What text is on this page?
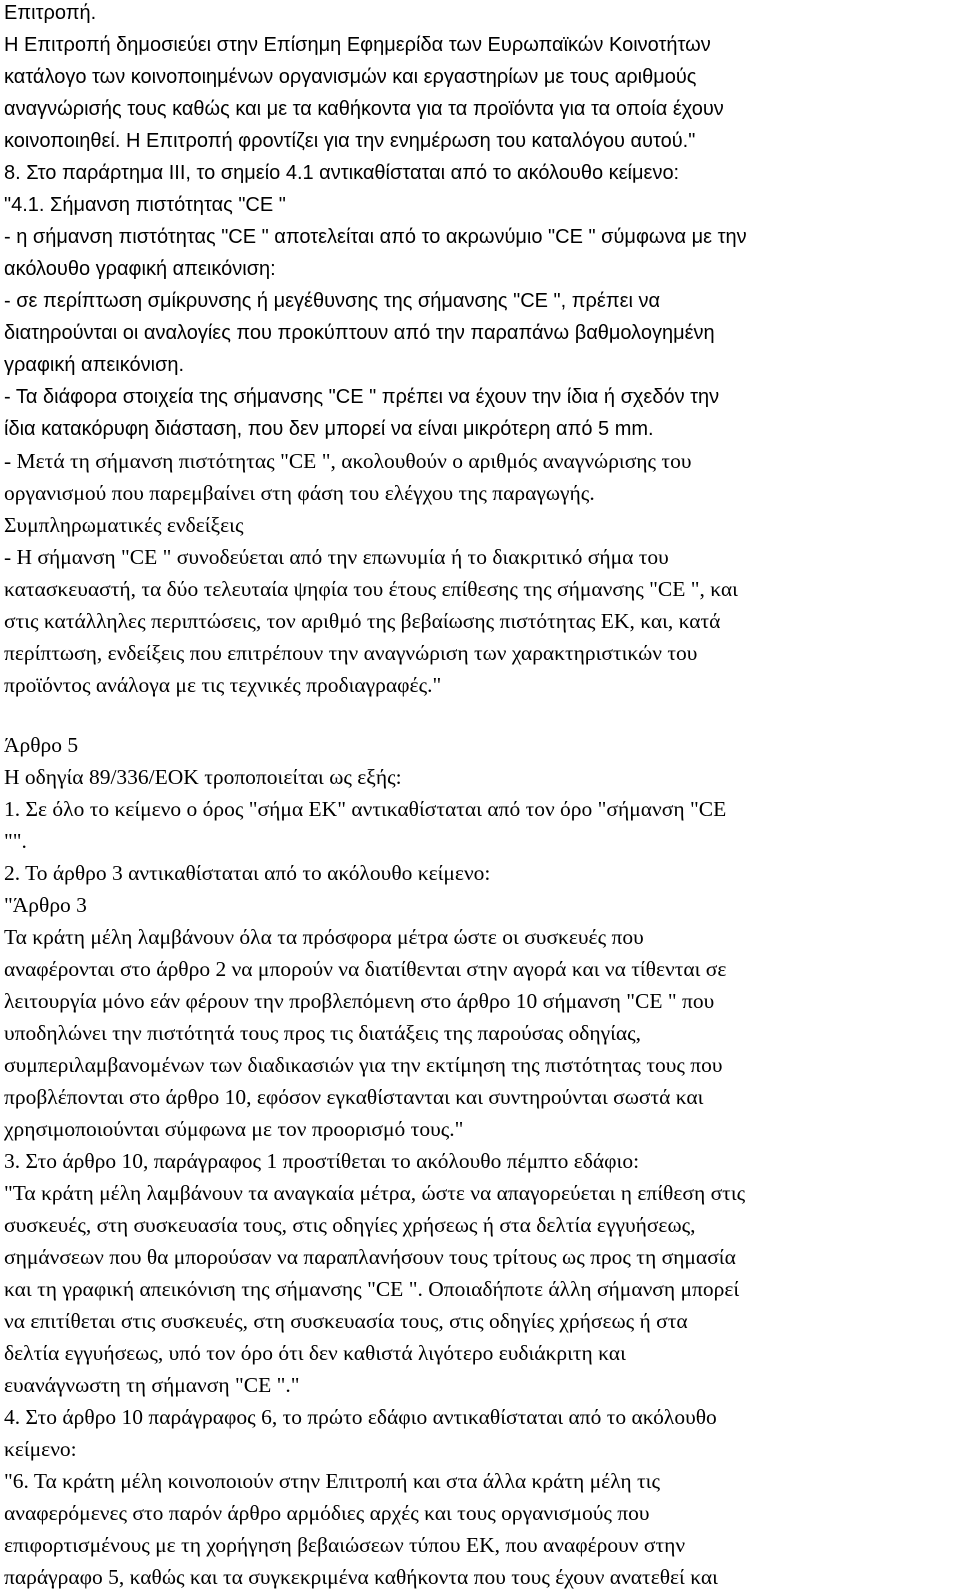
Επιτροπή.
Η Επιτροπή δημοσιεύει στην Επίσημη Εφημερίδα των Ευρωπαϊκών Κοινοτήτων
κατάλογο των κοινοποιημένων οργανισμών και εργαστηρίων με τους αριθμούς
αναγνώρισής τους καθώς και με τα καθήκοντα για τα προϊόντα για τα οποία έχουν
κοινοποιηθεί. Η Επιτροπή φροντίζει για την ενημέρωση του καταλόγου αυτού."
8. Στο παράρτημα ΙΙΙ, το σημείο 4.1 αντικαθίσταται από το ακόλουθο κείμενο:
"4.1. Σήμανση πιστότητας "CE "
- η σήμανση πιστότητας "CE " αποτελείται από το ακρωνύμιο "CE " σύμφωνα με την
ακόλουθο γραφική απεικόνιση:
- σε περίπτωση σμίκρυνσης ή μεγέθυνσης της σήμανσης "CE ", πρέπει να
διατηρούνται οι αναλογίες που προκύπτουν από την παραπάνω βαθμολογημένη
γραφική απεικόνιση.
- Τα διάφορα στοιχεία της σήμανσης "CE " πρέπει να έχουν την ίδια ή σχεδόν την
ίδια κατακόρυφη διάσταση, που δεν μπορεί να είναι μικρότερη από 5 mm.
- Μετά τη σήμανση πιστότητας "CE ", ακολουθούν ο αριθμός αναγνώρισης του
οργανισμού που παρεμβαίνει στη φάση του ελέγχου της παραγωγής.
Συμπληρωματικές ενδείξεις
- Η σήμανση "CE " συνοδεύεται από την επωνυμία ή το διακριτικό σήμα του
κατασκευαστή, τα δύο τελευταία ψηφία του έτους επίθεσης της σήμανσης "CE ", και
στις κατάλληλες περιπτώσεις, τον αριθμό της βεβαίωσης πιστότητας ΕΚ, και, κατά
περίπτωση, ενδείξεις που επιτρέπουν την αναγνώριση των χαρακτηριστικών του
προϊόντος ανάλογα με τις τεχνικές προδιαγραφές."
Άρθρο 5
Η οδηγία 89/336/ΕΟΚ τροποποιείται ως εξής:
1. Σε όλο το κείμενο ο όρος "σήμα ΕΚ" αντικαθίσταται από τον όρο "σήμανση "CE
"".
2. Το άρθρο 3 αντικαθίσταται από το ακόλουθο κείμενο:
"Άρθρο 3
Τα κράτη μέλη λαμβάνουν όλα τα πρόσφορα μέτρα ώστε οι συσκευές που
αναφέρονται στο άρθρο 2 να μπορούν να διατίθενται στην αγορά και να τίθενται σε
λειτουργία μόνο εάν φέρουν την προβλεπόμενη στο άρθρο 10 σήμανση "CE " που
υποδηλώνει την πιστότητά τους προς τις διατάξεις της παρούσας οδηγίας,
συμπεριλαμβανομένων των διαδικασιών για την εκτίμηση της πιστότητας τους που
προβλέπονται στο άρθρο 10, εφόσον εγκαθίστανται και συντηρούνται σωστά και
χρησιμοποιούνται σύμφωνα με τον προορισμό τους."
3. Στο άρθρο 10, παράγραφος 1 προστίθεται το ακόλουθο πέμπτο εδάφιο:
"Τα κράτη μέλη λαμβάνουν τα αναγκαία μέτρα, ώστε να απαγορεύεται η επίθεση στις
συσκευές, στη συσκευασία τους, στις οδηγίες χρήσεως ή στα δελτία εγγυήσεως,
σημάνσεων που θα μπορούσαν να παραπλανήσουν τους τρίτους ως προς τη σημασία
και τη γραφική απεικόνιση της σήμανσης "CE ". Οποιαδήποτε άλλη σήμανση μπορεί
να επιτίθεται στις συσκευές, στη συσκευασία τους, στις οδηγίες χρήσεως ή στα
δελτία εγγυήσεως, υπό τον όρο ότι δεν καθιστά λιγότερο ευδιάκριτη και
ευανάγνωστη τη σήμανση "CE "."
4. Στο άρθρο 10 παράγραφος 6, το πρώτο εδάφιο αντικαθίσταται από το ακόλουθο
κείμενο:
"6. Τα κράτη μέλη κοινοποιούν στην Επιτροπή και στα άλλα κράτη μέλη τις
αναφερόμενες στο παρόν άρθρο αρμόδιες αρχές και τους οργανισμούς που
επιφορτισμένους με τη χορήγηση βεβαιώσεων τύπου ΕΚ, που αναφέρουν στην
παράγραφο 5, καθώς και τα συγκεκριμένα καθήκοντα που τους έχουν ανατεθεί και
